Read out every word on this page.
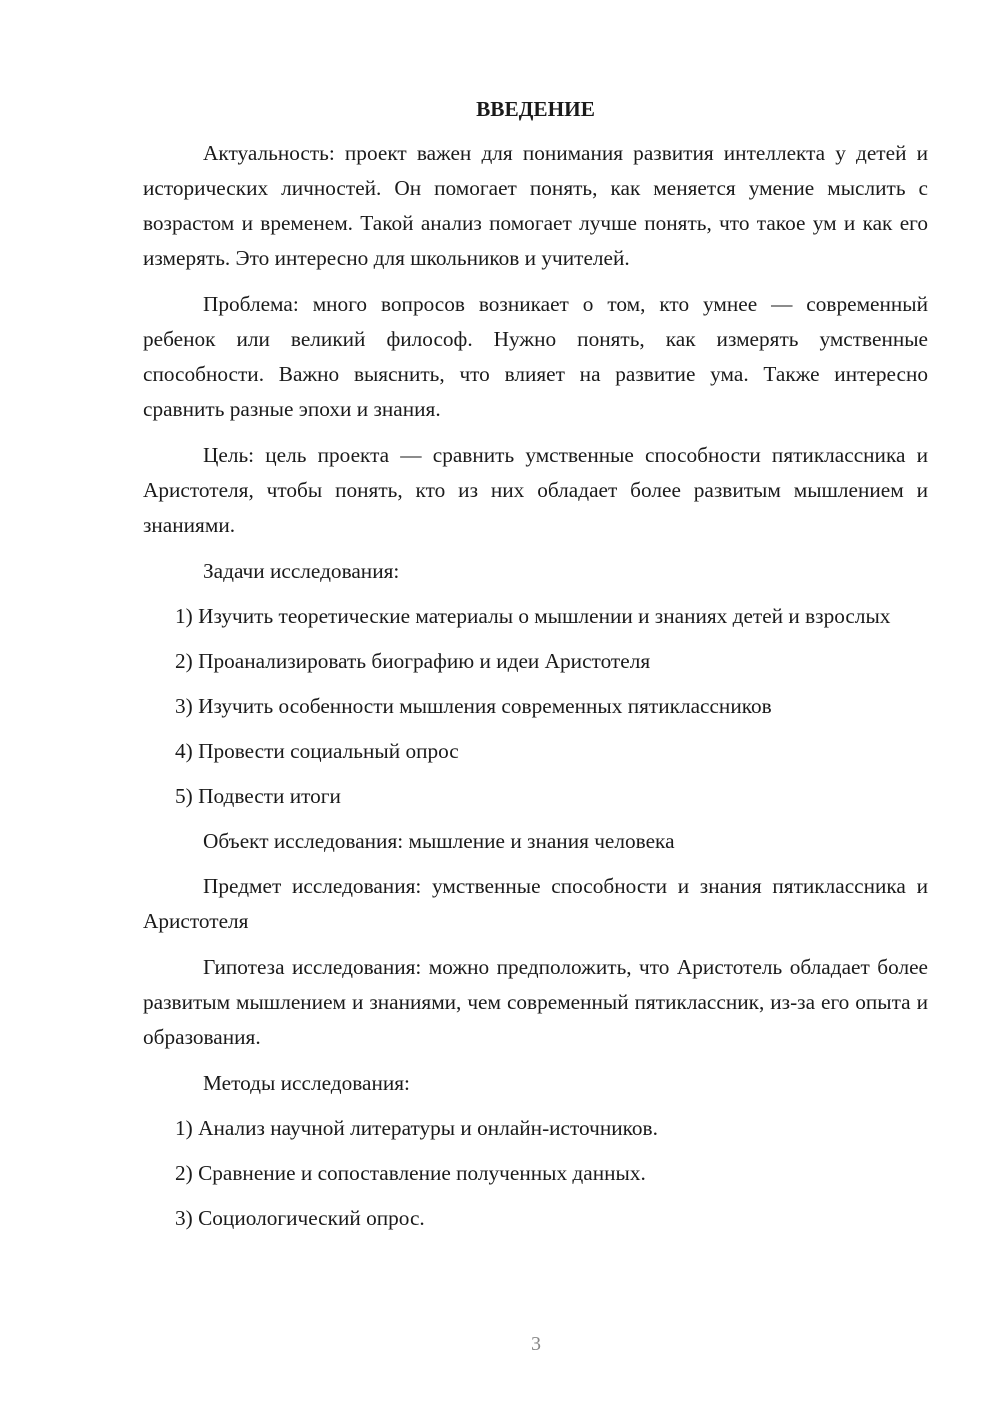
ВВЕДЕНИЕ

Актуальность: проект важен для понимания развития интеллекта у детей и исторических личностей. Он помогает понять, как меняется умение мыслить с возрастом и временем. Такой анализ помогает лучше понять, что такое ум и как его измерять. Это интересно для школьников и учителей.

Проблема: много вопросов возникает о том, кто умнее — современный ребенок или великий философ. Нужно понять, как измерять умственные способности. Важно выяснить, что влияет на развитие ума. Также интересно сравнить разные эпохи и знания.

Цель: цель проекта — сравнить умственные способности пятиклассника и Аристотеля, чтобы понять, кто из них обладает более развитым мышлением и знаниями.

Задачи исследования:

1) Изучить теоретические материалы о мышлении и знаниях детей и взрослых

2) Проанализировать биографию и идеи Аристотеля

3) Изучить особенности мышления современных пятиклассников

4) Провести социальный опрос

5) Подвести итоги

Объект исследования: мышление и знания человека

Предмет исследования: умственные способности и знания пятиклассника и Аристотеля

Гипотеза исследования: можно предположить, что Аристотель обладает более развитым мышлением и знаниями, чем современный пятиклассник, из-за его опыта и образования.

Методы исследования:

1) Анализ научной литературы и онлайн-источников.

2) Сравнение и сопоставление полученных данных.

3) Социологический опрос.

3
